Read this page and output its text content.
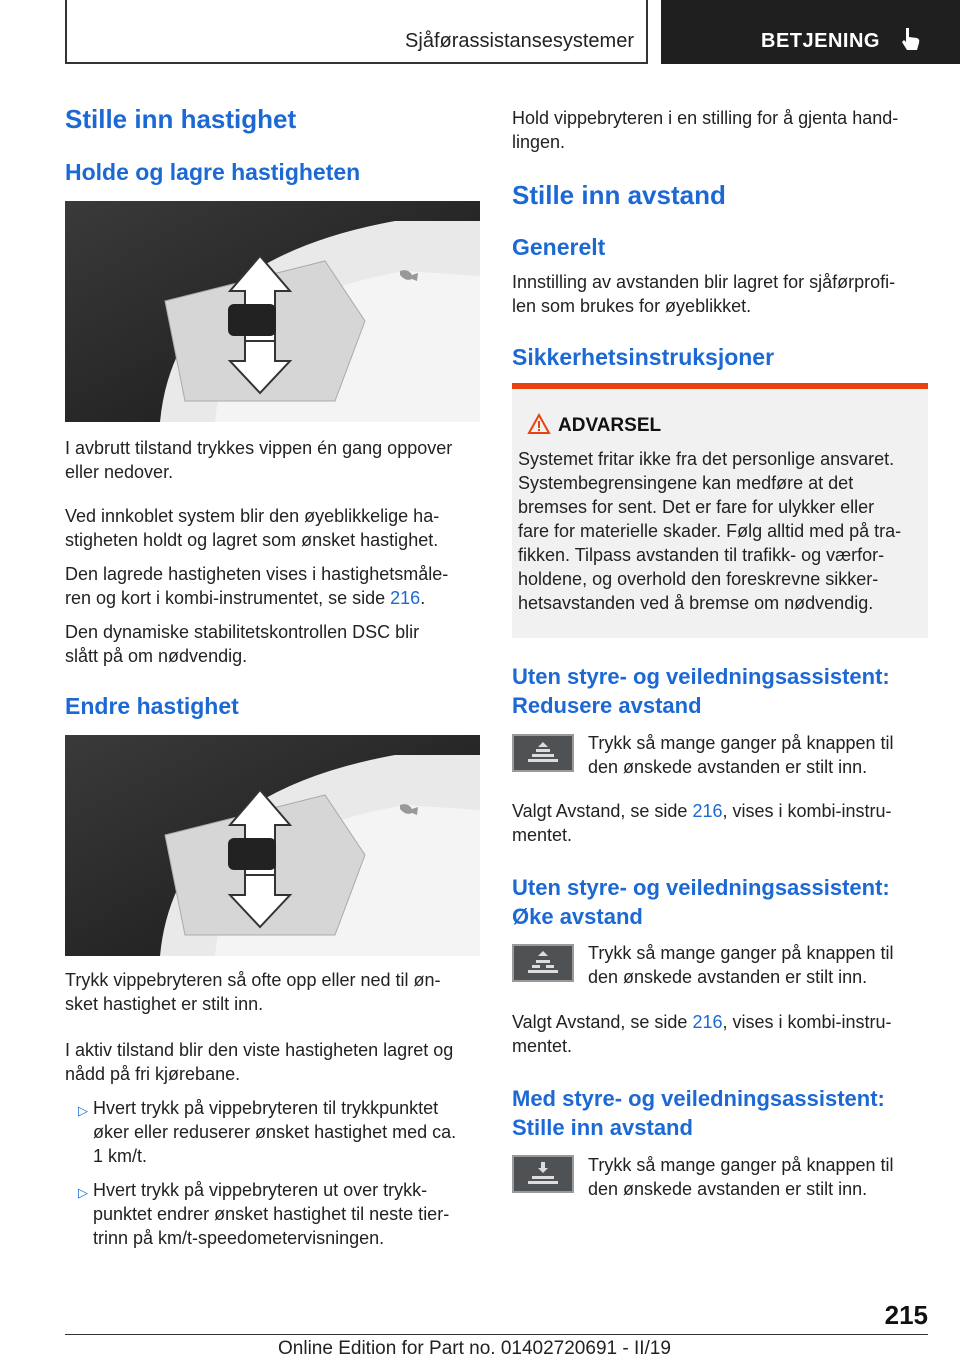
Sjåførassistansesystemer	BETJENING
Stille inn hastighet
Holde og lagre hastigheten
I avbrutt tilstand trykkes vippen én gang oppover
eller nedover.
Ved innkoblet system blir den øyeblikkelige ha-
stigheten holdt og lagret som ønsket hastighet.
Den lagrede hastigheten vises i hastighetsmåle-
ren og kort i kombi-instrumentet, se side 216.
Den dynamiske stabilitetskontrollen DSC blir
slått på om nødvendig.
Endre hastighet
Trykk vippebryteren så ofte opp eller ned til øn-
sket hastighet er stilt inn.
I aktiv tilstand blir den viste hastigheten lagret og
nådd på fri kjørebane.
▷ Hvert trykk på vippebryteren til trykkpunktet
øker eller reduserer ønsket hastighet med ca.
1 km/t.
▷ Hvert trykk på vippebryteren ut over trykk-
punktet endrer ønsket hastighet til neste tier-
trinn på km/t-speedometervisningen.
Hold vippebryteren i en stilling for å gjenta hand-
lingen.
Stille inn avstand
Generelt
Innstilling av avstanden blir lagret for sjåførprofi-
len som brukes for øyeblikket.
Sikkerhetsinstruksjoner
ADVARSEL
Systemet fritar ikke fra det personlige ansvaret.
Systembegrensingene kan medføre at det
bremses for sent. Det er fare for ulykker eller
fare for materielle skader. Følg alltid med på tra-
fikken. Tilpass avstanden til trafikk- og værfor-
holdene, og overhold den foreskrevne sikker-
hetsavstanden ved å bremse om nødvendig.
Uten styre- og veiledningsassistent:
Redusere avstand
Trykk så mange ganger på knappen til
den ønskede avstanden er stilt inn.
Valgt Avstand, se side 216, vises i kombi-instru-
mentet.
Uten styre- og veiledningsassistent:
Øke avstand
Trykk så mange ganger på knappen til
den ønskede avstanden er stilt inn.
Valgt Avstand, se side 216, vises i kombi-instru-
mentet.
Med styre- og veiledningsassistent:
Stille inn avstand
Trykk så mange ganger på knappen til
den ønskede avstanden er stilt inn.
215
Online Edition for Part no. 01402720691 - II/19
